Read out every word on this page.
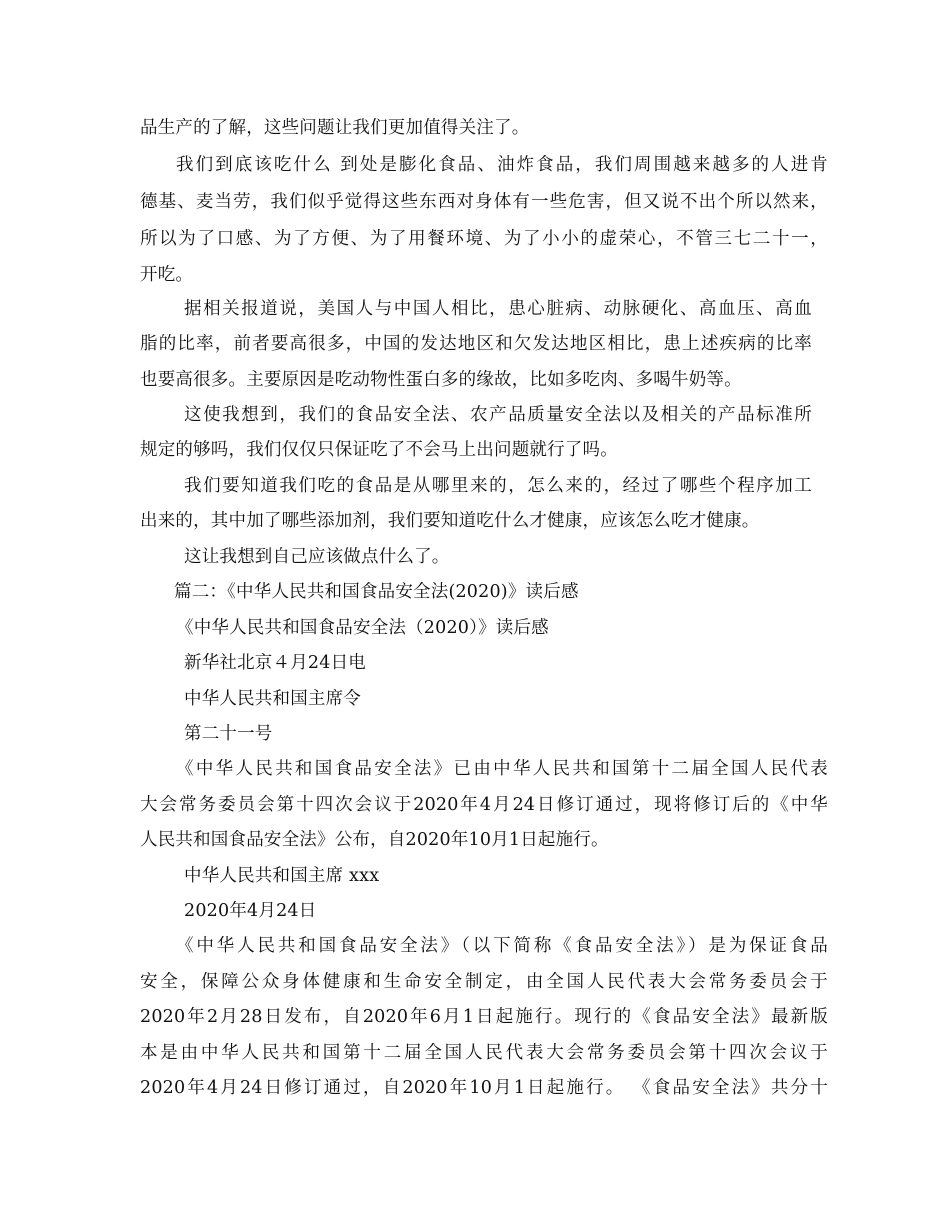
品生产的了解，这些问题让我们更加值得关注了。
我们到底该吃什么 到处是膨化食品、油炸食品，我们周围越来越多的人进肯
德基、麦当劳，我们似乎觉得这些东西对身体有一些危害，但又说不出个所以然来，
所以为了口感、为了方便、为了用餐环境、为了小小的虚荣心，不管三七二十一，
开吃。
据相关报道说，美国人与中国人相比，患心脏病、动脉硬化、高血压、高血
脂的比率，前者要高很多，中国的发达地区和欠发达地区相比，患上述疾病的比率
也要高很多。主要原因是吃动物性蛋白多的缘故，比如多吃肉、多喝牛奶等。
这使我想到，我们的食品安全法、农产品质量安全法以及相关的产品标准所
规定的够吗，我们仅仅只保证吃了不会马上出问题就行了吗。
我们要知道我们吃的食品是从哪里来的，怎么来的，经过了哪些个程序加工
出来的，其中加了哪些添加剂，我们要知道吃什么才健康，应该怎么吃才健康。
这让我想到自己应该做点什么了。
篇二：《中华人民共和国食品安全法(2020)》读后感
《中华人民共和国食品安全法（2020）》读后感
新华社北京４月24日电
中华人民共和国主席令
第二十一号
《中华人民共和国食品安全法》已由中华人民共和国第十二届全国人民代表
大会常务委员会第十四次会议于2020年4月24日修订通过，现将修订后的《中华
人民共和国食品安全法》公布，自2020年10月1日起施行。
中华人民共和国主席 xxx
2020年4月24日
《中华人民共和国食品安全法》（以下简称《食品安全法》）是为保证食品
安全，保障公众身体健康和生命安全制定，由全国人民代表大会常务委员会于
2020年2月28日发布，自2020年6月1日起施行。现行的《食品安全法》最新版
本是由中华人民共和国第十二届全国人民代表大会常务委员会第十四次会议于
2020年4月24日修订通过，自2020年10月1日起施行。 《食品安全法》共分十
